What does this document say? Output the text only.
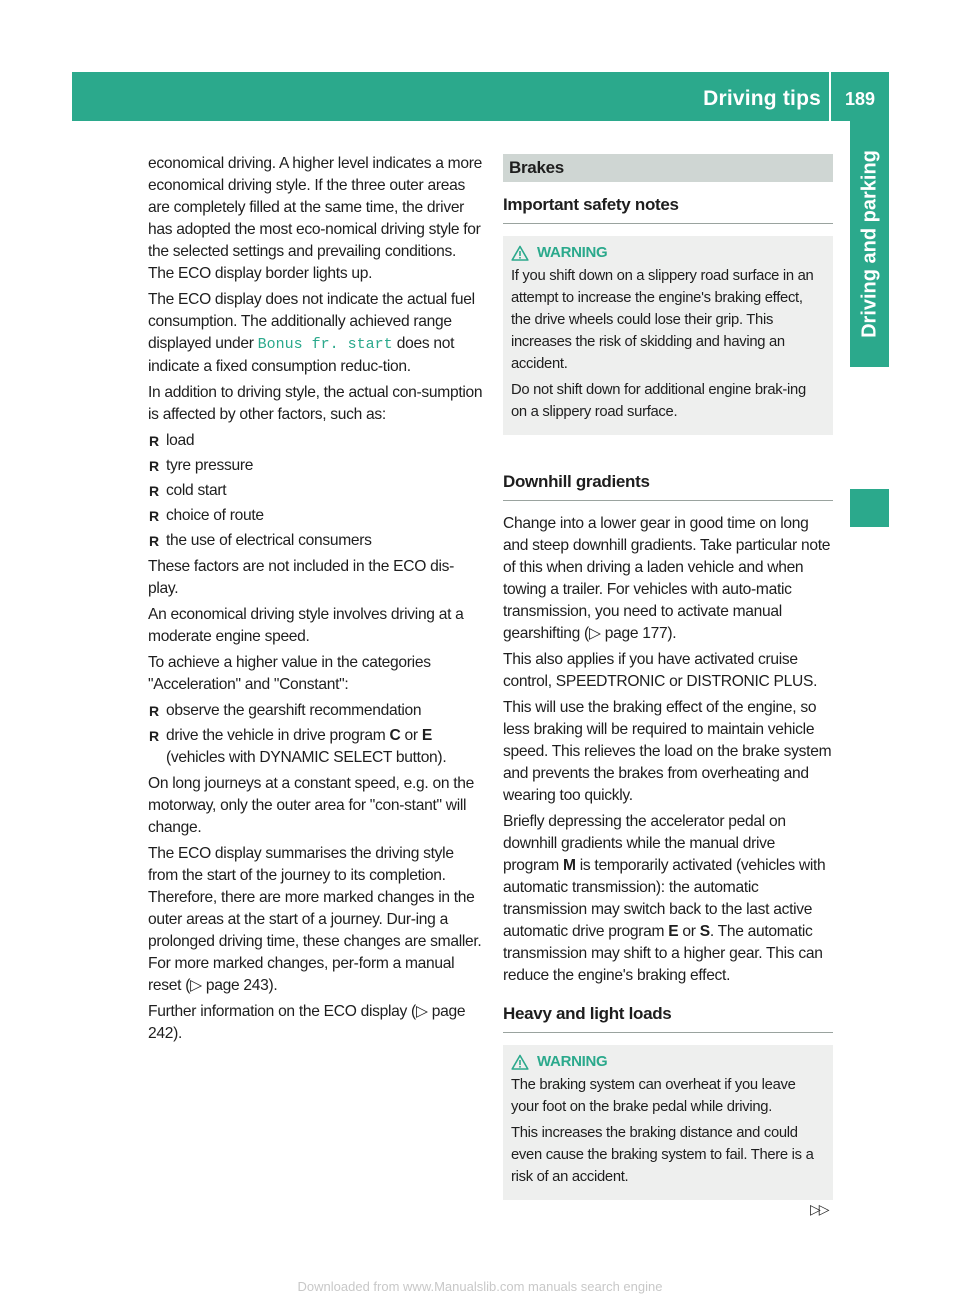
Driving tips	189
Driving and parking

economical driving. A higher level indicates a more economical driving style. If the three outer areas are completely filled at the same time, the driver has adopted the most eco-nomical driving style for the selected settings and prevailing conditions. The ECO display border lights up.

The ECO display does not indicate the actual fuel consumption. The additionally achieved range displayed under Bonus fr. start does not indicate a fixed consumption reduc-tion.

In addition to driving style, the actual con-sumption is affected by other factors, such as:

R load
R tyre pressure
R cold start
R choice of route
R the use of electrical consumers

These factors are not included in the ECO dis-play.

An economical driving style involves driving at a moderate engine speed.

To achieve a higher value in the categories "Acceleration" and "Constant":

R observe the gearshift recommendation
R drive the vehicle in drive program C or E (vehicles with DYNAMIC SELECT button).

On long journeys at a constant speed, e.g. on the motorway, only the outer area for "con-stant" will change.

The ECO display summarises the driving style from the start of the journey to its completion. Therefore, there are more marked changes in the outer areas at the start of a journey. Dur-ing a prolonged driving time, these changes are smaller. For more marked changes, per-form a manual reset (▷ page 243).

Further information on the ECO display (▷ page 242).

Brakes
Important safety notes
WARNING

If you shift down on a slippery road surface in an attempt to increase the engine's braking effect, the drive wheels could lose their grip. This increases the risk of skidding and having an accident.

Do not shift down for additional engine brak-ing on a slippery road surface.

Downhill gradients

Change into a lower gear in good time on long and steep downhill gradients. Take particular note of this when driving a laden vehicle and when towing a trailer. For vehicles with auto-matic transmission, you need to activate manual gearshifting (▷ page 177).

This also applies if you have activated cruise control, SPEEDTRONIC or DISTRONIC PLUS.

This will use the braking effect of the engine, so less braking will be required to maintain vehicle speed. This relieves the load on the brake system and prevents the brakes from overheating and wearing too quickly.

Briefly depressing the accelerator pedal on downhill gradients while the manual drive program M is temporarily activated (vehicles with automatic transmission): the automatic transmission may switch back to the last active automatic drive program E or S. The automatic transmission may shift to a higher gear. This can reduce the engine's braking effect.

Heavy and light loads
WARNING

The braking system can overheat if you leave your foot on the brake pedal while driving.

This increases the braking distance and could even cause the braking system to fail. There is a risk of an accident.

▷▷
Downloaded from www.Manualslib.com manuals search engine
